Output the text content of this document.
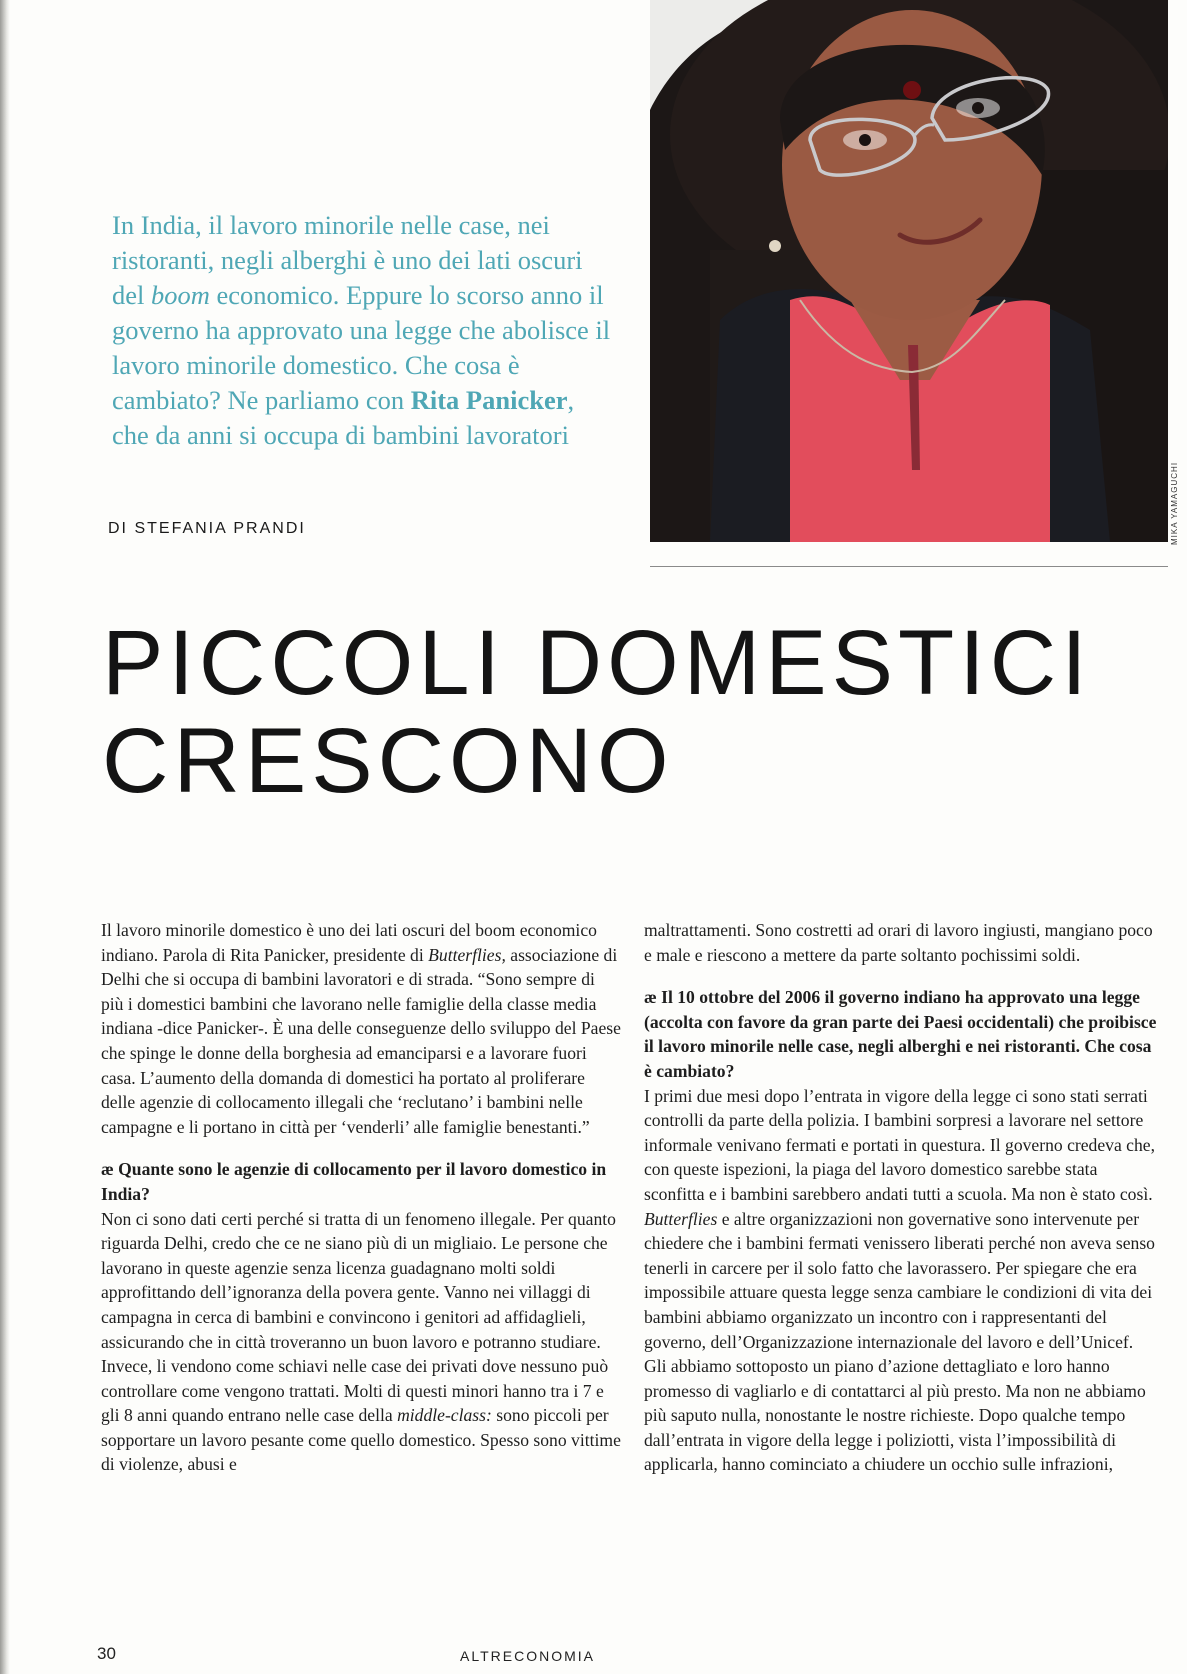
In India, il lavoro minorile nelle case, nei ristoranti, negli alberghi è uno dei lati oscuri del boom economico. Eppure lo scorso anno il governo ha approvato una legge che abolisce il lavoro minorile domestico. Che cosa è cambiato? Ne parliamo con Rita Panicker, che da anni si occupa di bambini lavoratori
DI STEFANIA PRANDI	MIKA YAMAGUCHI
PICCOLI DOMESTICI
CRESCONO

Il lavoro minorile domestico è uno dei lati oscuri del boom economico indiano. Parola di Rita Panicker, presidente di Butterflies, associazione di Delhi che si occupa di bambini lavoratori e di strada. “Sono sempre di più i domestici bambini che lavorano nelle famiglie della classe media indiana -dice Panicker-. È una delle conseguenze dello sviluppo del Paese che spinge le donne della borghesia ad emanciparsi e a lavorare fuori casa. L’aumento della domanda di domestici ha portato al proliferare delle agenzie di collocamento illegali che ‘reclutano’ i bambini nelle campagne e li portano in città per ‘venderli’ alle famiglie benestanti.”

æ Quante sono le agenzie di collocamento per il lavoro domestico in India?

Non ci sono dati certi perché si tratta di un fenomeno illegale. Per quanto riguarda Delhi, credo che ce ne siano più di un migliaio. Le persone che lavorano in queste agenzie senza licenza guadagnano molti soldi approfittando dell’ignoranza della povera gente. Vanno nei villaggi di campagna in cerca di bambini e convincono i genitori ad affidaglieli, assicurando che in città troveranno un buon lavoro e potranno studiare. Invece, li vendono come schiavi nelle case dei privati dove nessuno può controllare come vengono trattati. Molti di questi minori hanno tra i 7 e gli 8 anni quando entrano nelle case della middle-class: sono piccoli per sopportare un lavoro pesante come quello domestico. Spesso sono vittime di violenze, abusi e

maltrattamenti. Sono costretti ad orari di lavoro ingiusti, mangiano poco e male e riescono a mettere da parte soltanto pochissimi soldi.

æ Il 10 ottobre del 2006 il governo indiano ha approvato una legge (accolta con favore da gran parte dei Paesi occidentali) che proibisce il lavoro minorile nelle case, negli alberghi e nei ristoranti. Che cosa è cambiato?

I primi due mesi dopo l’entrata in vigore della legge ci sono stati serrati controlli da parte della polizia. I bambini sorpresi a lavorare nel settore informale venivano fermati e portati in questura. Il governo credeva che, con queste ispezioni, la piaga del lavoro domestico sarebbe stata sconfitta e i bambini sarebbero andati tutti a scuola. Ma non è stato così. Butterflies e altre organizzazioni non governative sono intervenute per chiedere che i bambini fermati venissero liberati perché non aveva senso tenerli in carcere per il solo fatto che lavorassero. Per spiegare che era impossibile attuare questa legge senza cambiare le condizioni di vita dei bambini abbiamo organizzato un incontro con i rappresentanti del governo, dell’Organizzazione internazionale del lavoro e dell’Unicef. Gli abbiamo sottoposto un piano d’azione dettagliato e loro hanno promesso di vagliarlo e di contattarci al più presto. Ma non ne abbiamo più saputo nulla, nonostante le nostre richieste. Dopo qualche tempo dall’entrata in vigore della legge i poliziotti, vista l’impossibilità di applicarla, hanno cominciato a chiudere un occhio sulle infrazioni,

30	ALTRECONOMIA
